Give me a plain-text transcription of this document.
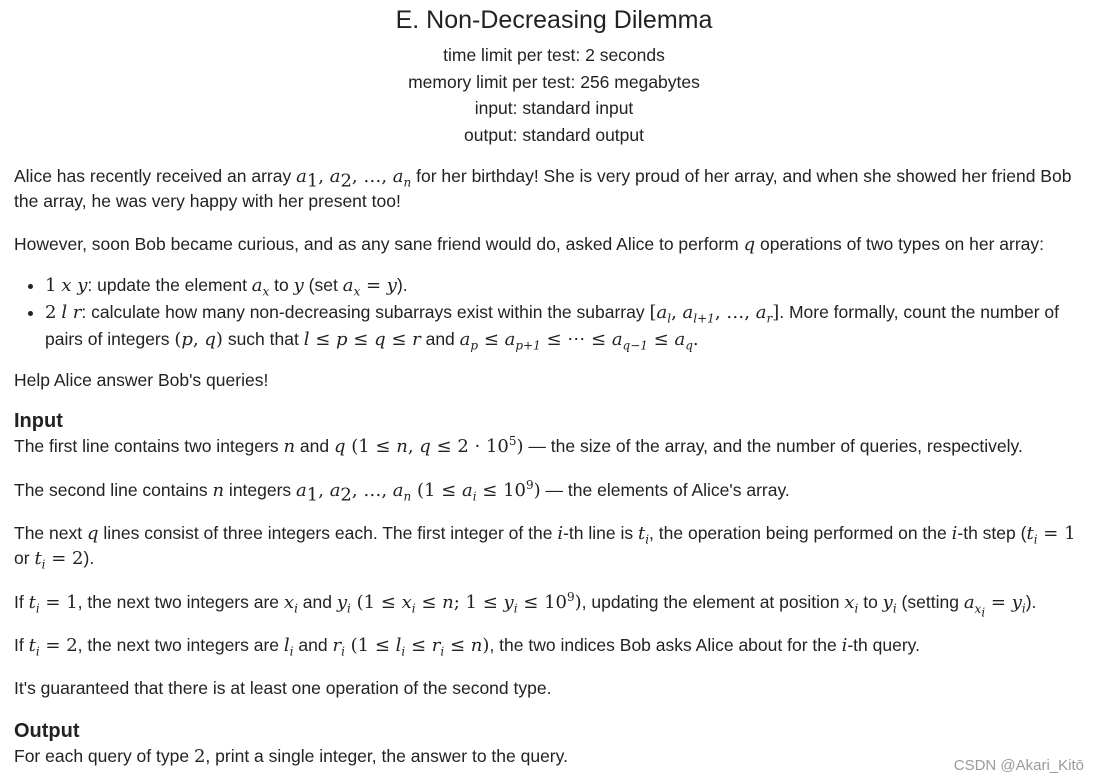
E. Non-Decreasing Dilemma
time limit per test: 2 seconds
memory limit per test: 256 megabytes
input: standard input
output: standard output

Alice has recently received an array $a_1$, $a_2$, …, $a_n$ for her birthday! She is very proud of her array, and when she showed her friend Bob the array, he was very happy with her present too!

However, soon Bob became curious, and as any sane friend would do, asked Alice to perform q operations of two types on her array:

• 1 x y: update the element $a_x$ to y (set $a_x = y$).
• 2 l r: calculate how many non-decreasing subarrays exist within the subarray [$a_l$, $a_{l+1}$, …, $a_r$]. More formally, count the number of pairs of integers (p, q) such that l ≤ p ≤ q ≤ r and $a_p \le a_{p+1}$ ≤ ⋯ ≤ $a_{q-1} \le a_q$.

Help Alice answer Bob's queries!

Input

The first line contains two integers n and q (1 ≤ n, $q \le 2 \cdot 10^5$) — the size of the array, and the number of queries, respectively.

The second line contains n integers $a_1$, $a_2$, …, $a_n$ $(1 \le a_i \le 10^9)$ — the elements of Alice's array.

The next q lines consist of three integers each. The first integer of the i-th line is $t_i$, the operation being performed on the i-th step ($t_i = 1$
or $t_i = 2$).

If $t_i = 1$, the next two integers are $x_i$ and $y_i$ ($1 \le x_i \le n$; $1 \le y_i \le 10^9$), updating the element at position $x_i$ to $y_i$ (setting $a_{x_i} = y_i$).

If $t_i = 2$, the next two integers are $l_i$ and $r_i$ $(1 \le l_i \le r_i \le n)$, the two indices Bob asks Alice about for the i-th query.

It's guaranteed that there is at least one operation of the second type.

Output

For each query of type 2, print a single integer, the answer to the query.	CSDN @Akari_Kitō
